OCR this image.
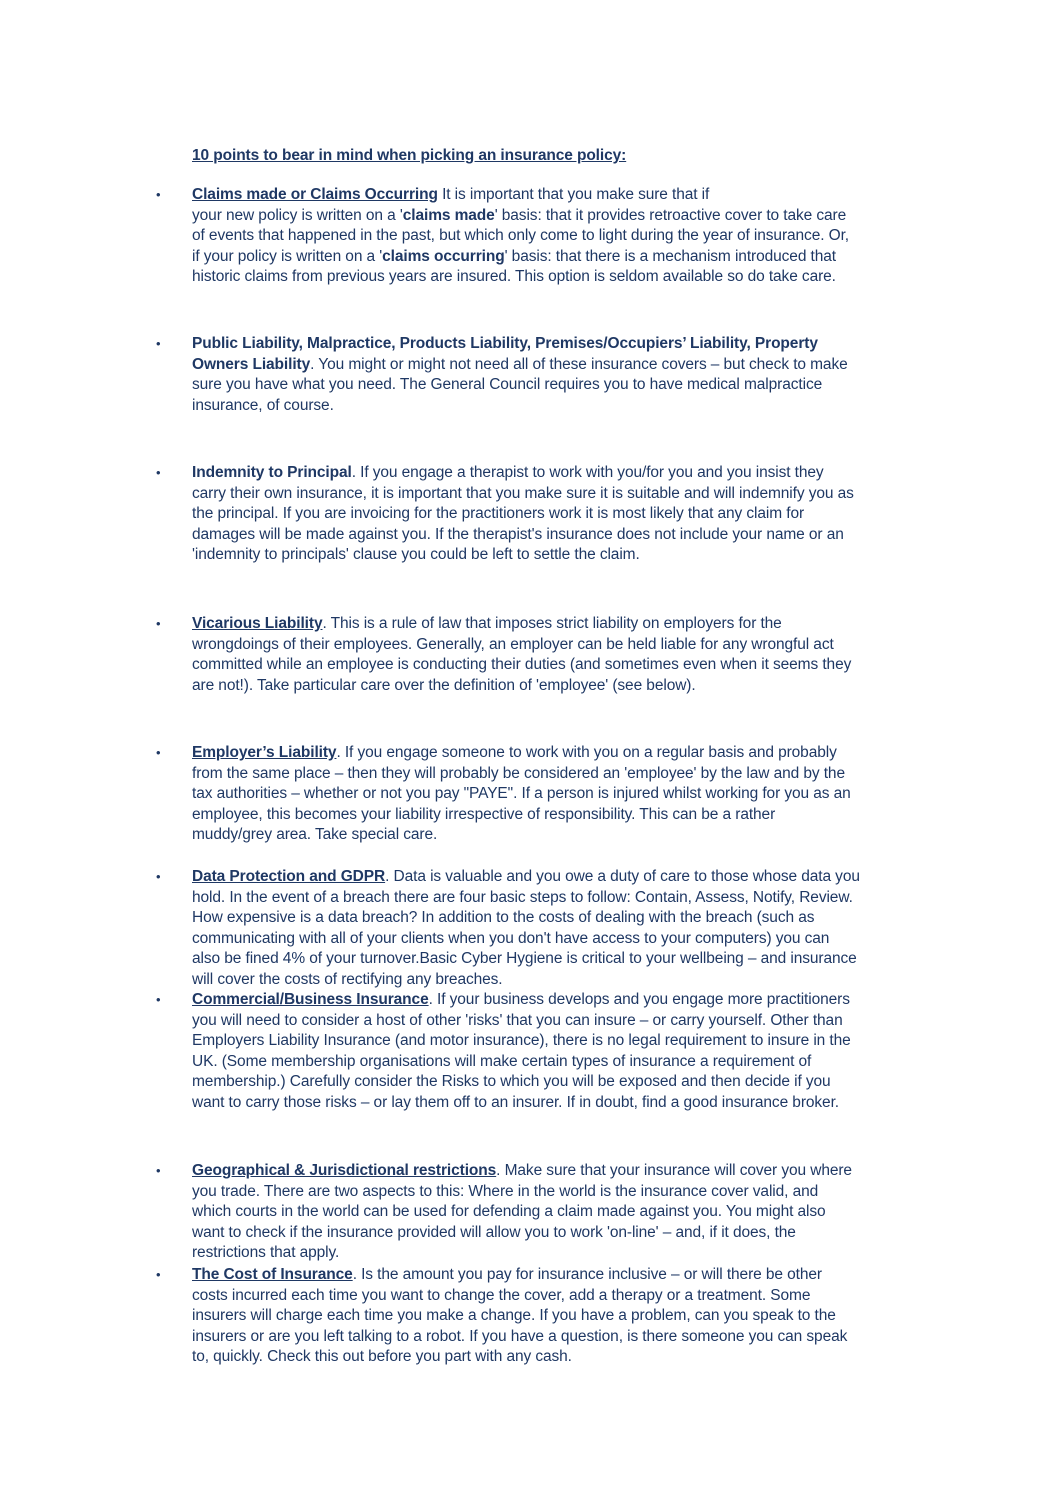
10 points to bear in mind when picking an insurance policy:
• Claims made or Claims Occurring It is important that you make sure that if
your new policy is written on a 'claims made' basis: that it provides retroactive cover to take care
of events that happened in the past, but which only come to light during the year of insurance. Or,
if your policy is written on a 'claims occurring' basis: that there is a mechanism introduced that
historic claims from previous years are insured. This option is seldom available so do take care.
• Public Liability, Malpractice, Products Liability, Premises/Occupiers’ Liability, Property
Owners Liability. You might or might not need all of these insurance covers – but check to make
sure you have what you need. The General Council requires you to have medical malpractice
insurance, of course.
• Indemnity to Principal. If you engage a therapist to work with you/for you and you insist they
carry their own insurance, it is important that you make sure it is suitable and will indemnify you as
the principal. If you are invoicing for the practitioners work it is most likely that any claim for
damages will be made against you. If the therapist's insurance does not include your name or an
'indemnity to principals' clause you could be left to settle the claim.
• Vicarious Liability. This is a rule of law that imposes strict liability on employers for the
wrongdoings of their employees. Generally, an employer can be held liable for any wrongful act
committed while an employee is conducting their duties (and sometimes even when it seems they
are not!). Take particular care over the definition of 'employee' (see below).
• Employer’s Liability. If you engage someone to work with you on a regular basis and probably
from the same place – then they will probably be considered an 'employee' by the law and by the
tax authorities – whether or not you pay "PAYE". If a person is injured whilst working for you as an
employee, this becomes your liability irrespective of responsibility. This can be a rather
muddy/grey area. Take special care.
• Data Protection and GDPR. Data is valuable and you owe a duty of care to those whose data you
hold. In the event of a breach there are four basic steps to follow: Contain, Assess, Notify, Review.
How expensive is a data breach? In addition to the costs of dealing with the breach (such as
communicating with all of your clients when you don't have access to your computers) you can
also be fined 4% of your turnover.Basic Cyber Hygiene is critical to your wellbeing – and insurance
will cover the costs of rectifying any breaches.
• Commercial/Business Insurance. If your business develops and you engage more practitioners
you will need to consider a host of other 'risks' that you can insure – or carry yourself. Other than
Employers Liability Insurance (and motor insurance), there is no legal requirement to insure in the
UK. (Some membership organisations will make certain types of insurance a requirement of
membership.) Carefully consider the Risks to which you will be exposed and then decide if you
want to carry those risks – or lay them off to an insurer. If in doubt, find a good insurance broker.
• Geographical & Jurisdictional restrictions. Make sure that your insurance will cover you where
you trade. There are two aspects to this: Where in the world is the insurance cover valid, and
which courts in the world can be used for defending a claim made against you. You might also
want to check if the insurance provided will allow you to work 'on-line' – and, if it does, the
restrictions that apply.
• The Cost of Insurance. Is the amount you pay for insurance inclusive – or will there be other
costs incurred each time you want to change the cover, add a therapy or a treatment. Some
insurers will charge each time you make a change. If you have a problem, can you speak to the
insurers or are you left talking to a robot. If you have a question, is there someone you can speak
to, quickly. Check this out before you part with any cash.
